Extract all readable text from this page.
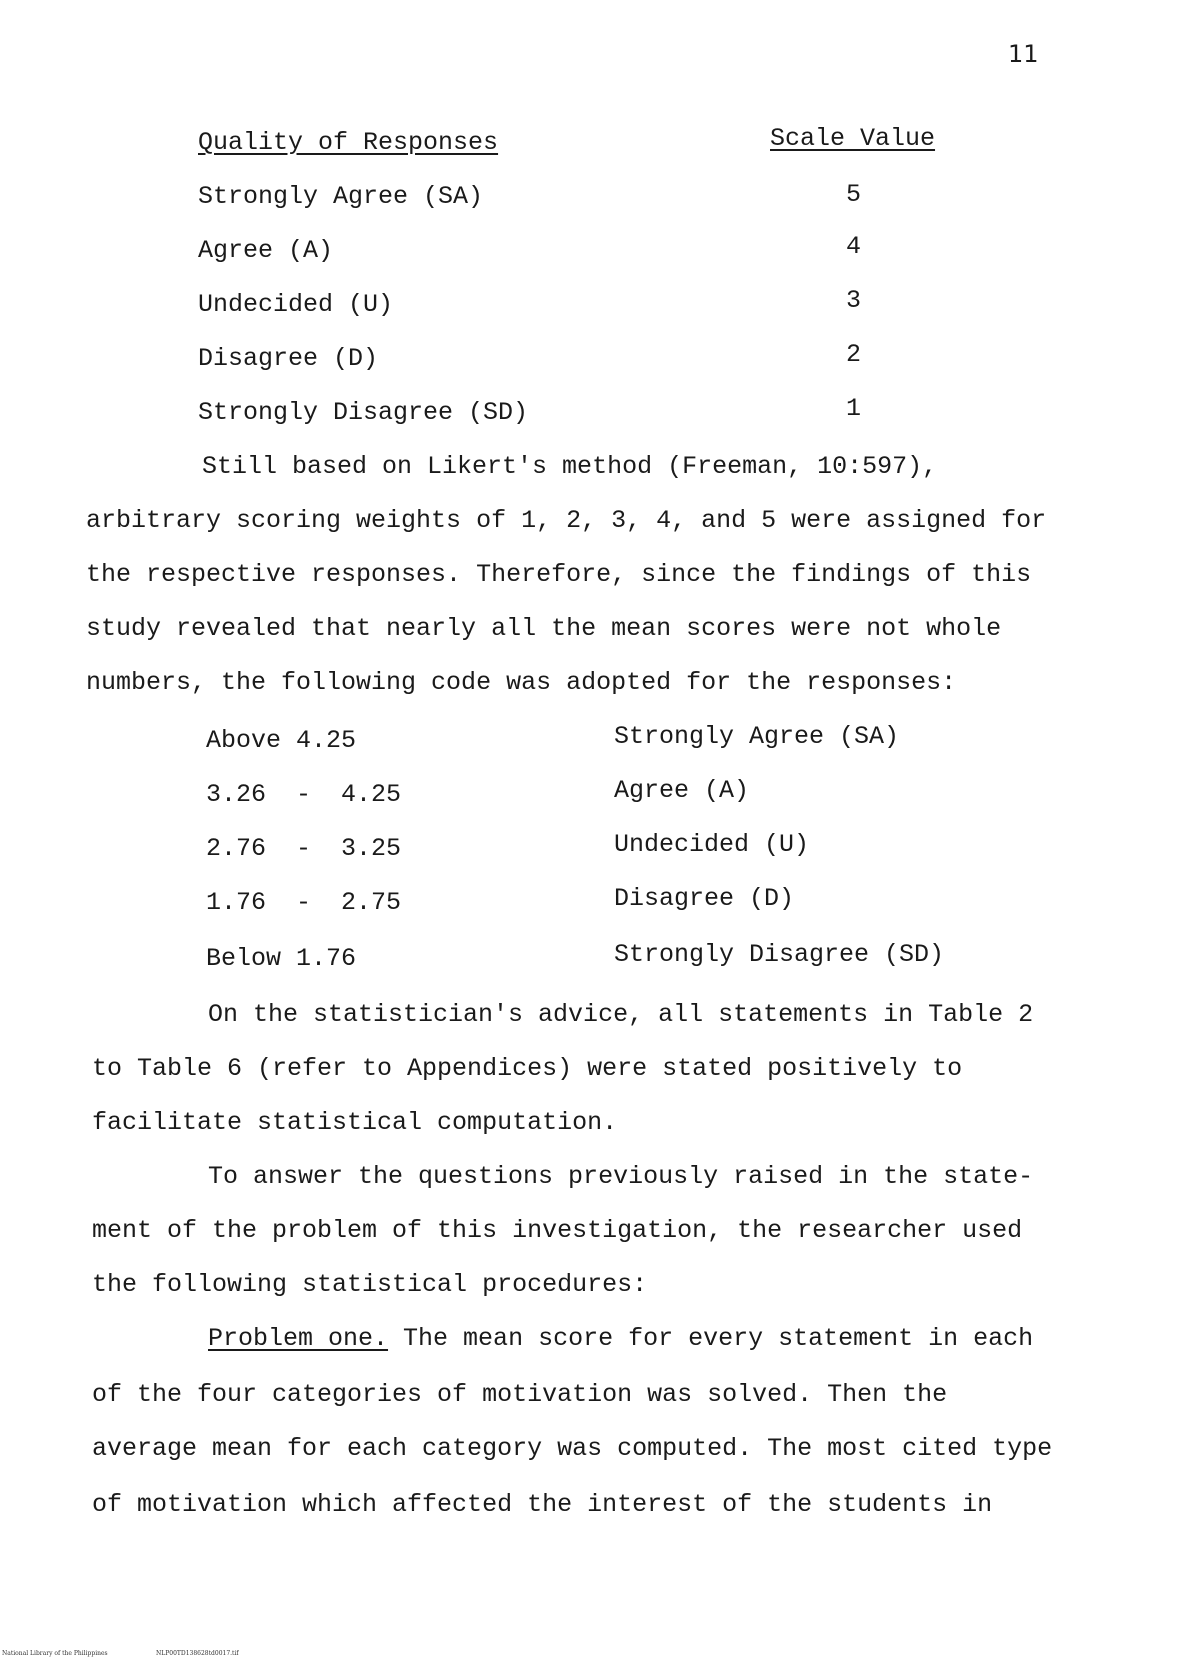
11
Quality of Responses	Scale Value
Strongly Agree (SA)	5
Agree (A)	4
Undecided (U)	3
Disagree (D)	2
Strongly Disagree (SD)	1
Still based on Likert's method (Freeman, 10:597),
arbitrary scoring weights of 1, 2, 3, 4, and 5 were assigned for
the respective responses. Therefore, since the findings of this
study revealed that nearly all the mean scores were not whole
numbers, the following code was adopted for the responses:
Above 4.25	Strongly Agree (SA)
3.26  -  4.25	Agree (A)
2.76  -  3.25	Undecided (U)
1.76  -  2.75	Disagree (D)
Below 1.76	Strongly Disagree (SD)
On the statistician's advice, all statements in Table 2
to Table 6 (refer to Appendices) were stated positively to
facilitate statistical computation.
To answer the questions previously raised in the state-
ment of the problem of this investigation, the researcher used
the following statistical procedures:
Problem one. The mean score for every statement in each
of the four categories of motivation was solved. Then the
average mean for each category was computed. The most cited type
of motivation which affected the interest of the students in
National Library of the Philippines	NLP00TD138628td0017.tif
